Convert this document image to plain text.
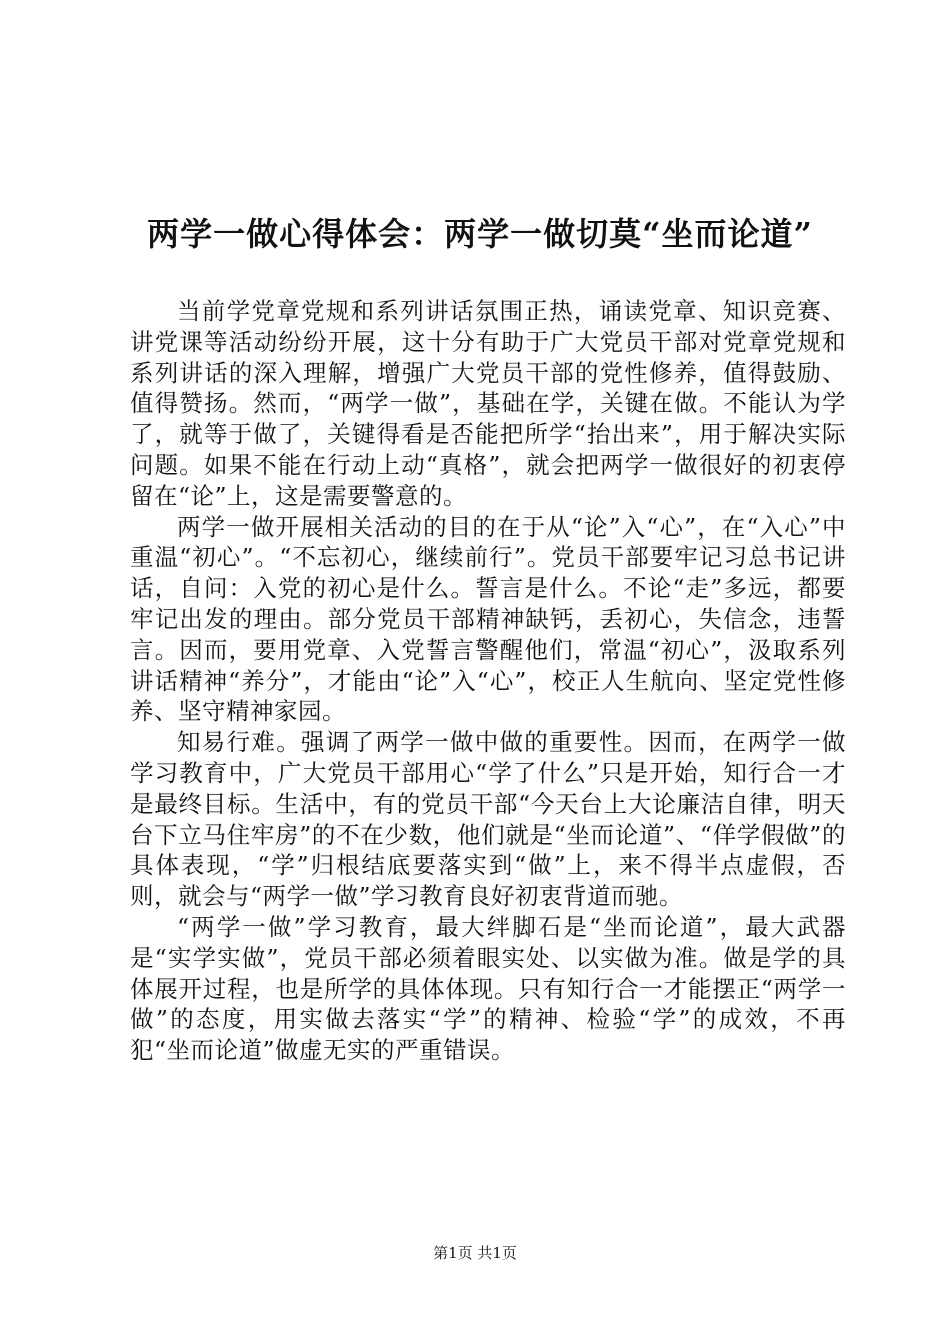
两学一做心得体会：两学一做切莫“坐而论道”

当前学党章党规和系列讲话氛围正热，诵读党章、知识竞赛、讲党课等活动纷纷开展，这十分有助于广大党员干部对党章党规和系列讲话的深入理解，增强广大党员干部的党性修养，值得鼓励、值得赞扬。然而，“两学一做”，基础在学，关键在做。不能认为学了，就等于做了，关键得看是否能把所学“抬出来”，用于解决实际问题。如果不能在行动上动“真格”，就会把两学一做很好的初衷停留在“论”上，这是需要警意的。

两学一做开展相关活动的目的在于从“论”入“心”，在“入心”中重温“初心”。“不忘初心，继续前行”。党员干部要牢记习总书记讲话，自问：入党的初心是什么。誓言是什么。不论“走”多远，都要牢记出发的理由。部分党员干部精神缺钙，丢初心，失信念，违誓言。因而，要用党章、入党誓言警醒他们，常温“初心”，汲取系列讲话精神“养分”，才能由“论”入“心”，校正人生航向、坚定党性修养、坚守精神家园。

知易行难。强调了两学一做中做的重要性。因而，在两学一做学习教育中，广大党员干部用心“学了什么”只是开始，知行合一才是最终目标。生活中，有的党员干部“今天台上大论廉洁自律，明天台下立马住牢房”的不在少数，他们就是“坐而论道”、“佯学假做”的具体表现，“学”归根结底要落实到“做”上，来不得半点虚假，否则，就会与“两学一做”学习教育良好初衷背道而驰。

“两学一做”学习教育，最大绊脚石是“坐而论道”，最大武器是“实学实做”，党员干部必须着眼实处、以实做为准。做是学的具体展开过程，也是所学的具体体现。只有知行合一才能摆正“两学一做”的态度，用实做去落实“学”的精神、检验“学”的成效，不再犯“坐而论道”做虚无实的严重错误。

第1页 共1页
